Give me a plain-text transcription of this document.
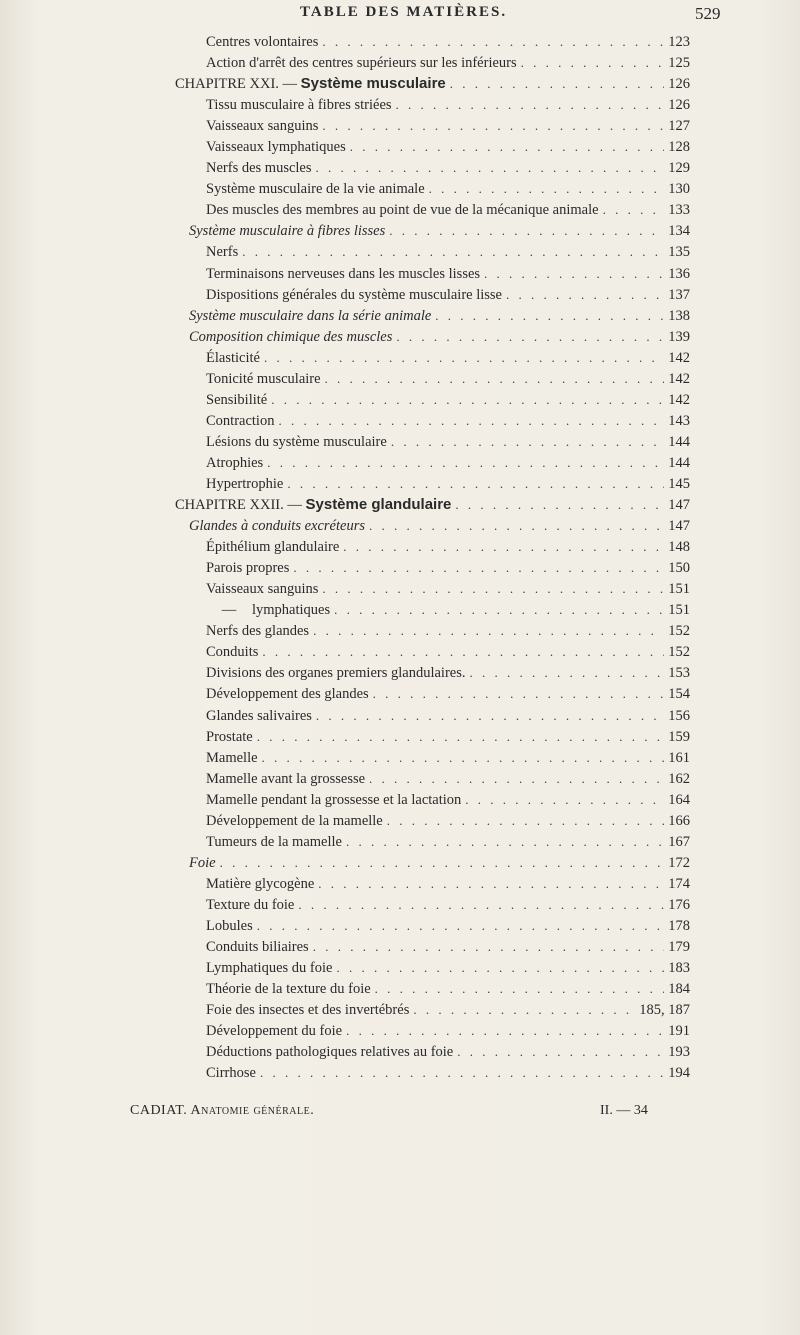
TABLE DES MATIÈRES.	529
Centres volontaires . . .	123
Action d'arrêt des centres supérieurs sur les inférieurs . . .	125
CHAPITRE XXI. — Système musculaire . . .	126
Tissu musculaire à fibres striées . . .	126
Vaisseaux sanguins . . .	127
Vaisseaux lymphatiques . . .	128
Nerfs des muscles . . .	129
Système musculaire de la vie animale . . .	130
Des muscles des membres au point de vue de la mécanique animale . . .	133
Système musculaire à fibres lisses . . .	134
Nerfs . . .	135
Terminaisons nerveuses dans les muscles lisses . . .	136
Dispositions générales du système musculaire lisse . . .	137
Système musculaire dans la série animale . . .	138
Composition chimique des muscles . . .	139
Élasticité . . .	142
Tonicité musculaire . . .	142
Sensibilité . . .	142
Contraction . . .	143
Lésions du système musculaire . . .	144
Atrophies . . .	144
Hypertrophie . . .	145
CHAPITRE XXII. — Système glandulaire . . .	147
Glandes à conduits excréteurs . . .	147
Épithélium glandulaire . . .	148
Parois propres . . .	150
Vaisseaux sanguins . . .	151
— lymphatiques . . .	151
Nerfs des glandes . . .	152
Conduits . . .	152
Divisions des organes premiers glandulaires. . . .	153
Développement des glandes . . .	154
Glandes salivaires . . .	156
Prostate . . .	159
Mamelle . . .	161
Mamelle avant la grossesse . . .	162
Mamelle pendant la grossesse et la lactation . . .	164
Développement de la mamelle . . .	166
Tumeurs de la mamelle . . .	167
Foie . . .	172
Matière glycogène . . .	174
Texture du foie . . .	176
Lobules . . .	178
Conduits biliaires . . .	179
Lymphatiques du foie . . .	183
Théorie de la texture du foie . . .	184
Foie des insectes et des invertébrés . . .	185, 187
Développement du foie . . .	191
Déductions pathologiques relatives au foie . . .	193
Cirrhose . . .	194
CADIAT. Anatomie générale.	II. — 34
